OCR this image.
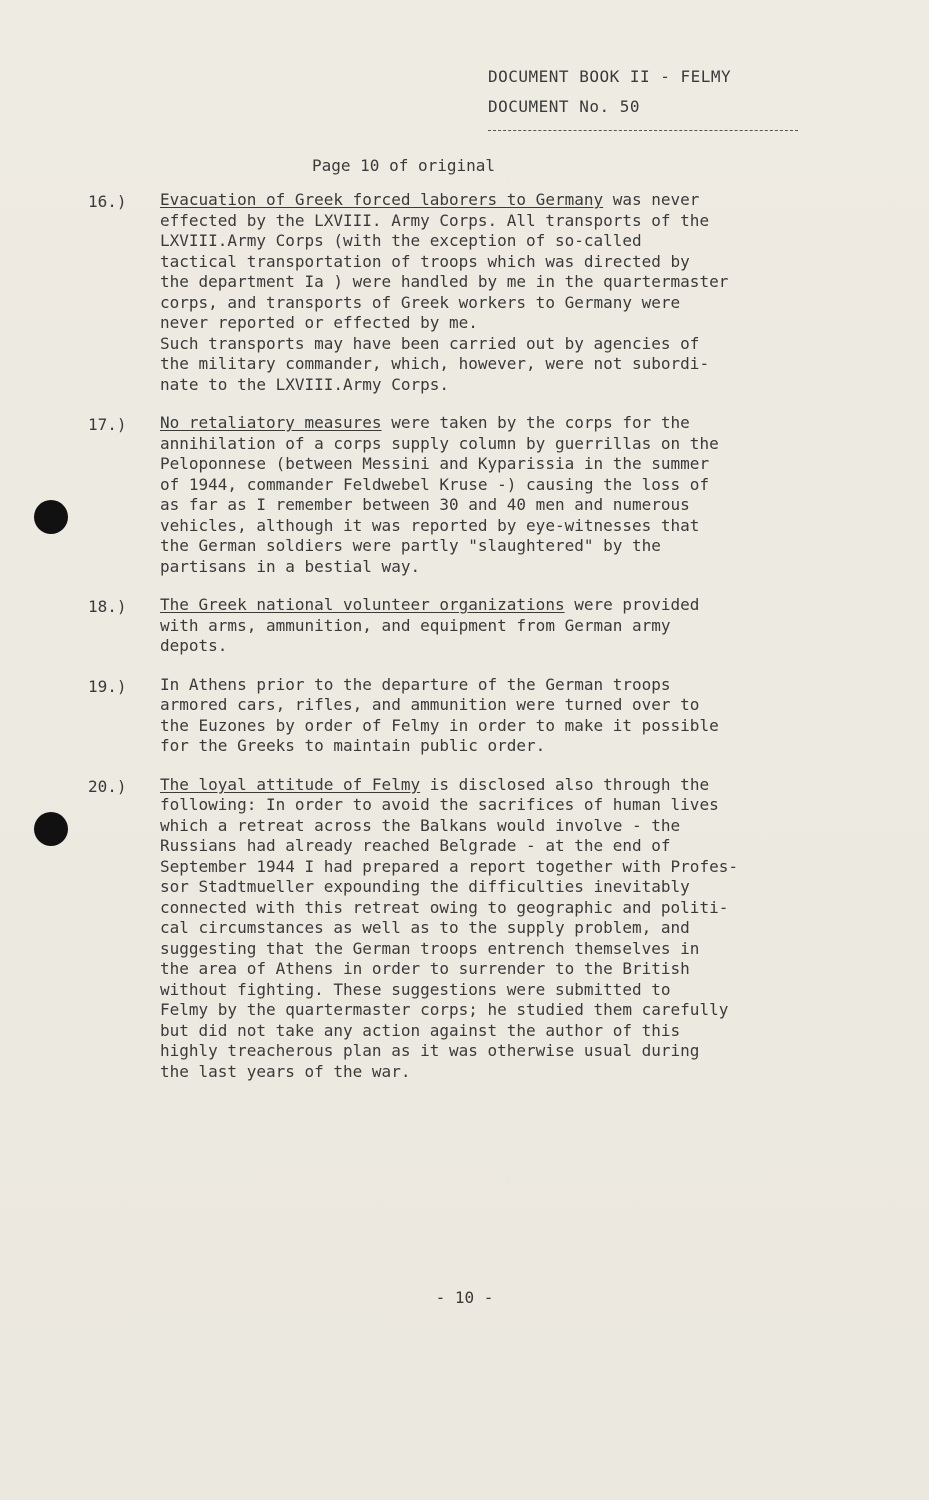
DOCUMENT BOOK II - FELMY
DOCUMENT No. 50
Page 10 of original
16.)	Evacuation of Greek forced laborers to Germany was never
effected by the LXVIII. Army Corps. All transports of the
LXVIII.Army Corps (with the exception of so-called
tactical transportation of troops which was directed by
the department Ia ) were handled by me in the quartermaster
corps, and transports of Greek workers to Germany were
never reported or effected by me.
Such transports may have been carried out by agencies of
the military commander, which, however, were not subordi-
nate to the LXVIII.Army Corps.
17.)	No retaliatory measures were taken by the corps for the
annihilation of a corps supply column by guerrillas on the
Peloponnese (between Messini and Kyparissia in the summer
of 1944, commander Feldwebel Kruse -) causing the loss of
as far as I remember between 30 and 40 men and numerous
vehicles, although it was reported by eye-witnesses that
the German soldiers were partly "slaughtered" by the
partisans in a bestial way.
18.)	The Greek national volunteer organizations were provided
with arms, ammunition, and equipment from German army
depots.
19.)	In Athens prior to the departure of the German troops
armored cars, rifles, and ammunition were turned over to
the Euzones by order of Felmy in order to make it possible
for the Greeks to maintain public order.
20.)	The loyal attitude of Felmy is disclosed also through the
following: In order to avoid the sacrifices of human lives
which a retreat across the Balkans would involve - the
Russians had already reached Belgrade - at the end of
September 1944 I had prepared a report together with Profes-
sor Stadtmueller expounding the difficulties inevitably
connected with this retreat owing to geographic and politi-
cal circumstances as well as to the supply problem, and
suggesting that the German troops entrench themselves in
the area of Athens in order to surrender to the British
without fighting. These suggestions were submitted to
Felmy by the quartermaster corps; he studied them carefully
but did not take any action against the author of this
highly treacherous plan as it was otherwise usual during
the last years of the war.
- 10 -
